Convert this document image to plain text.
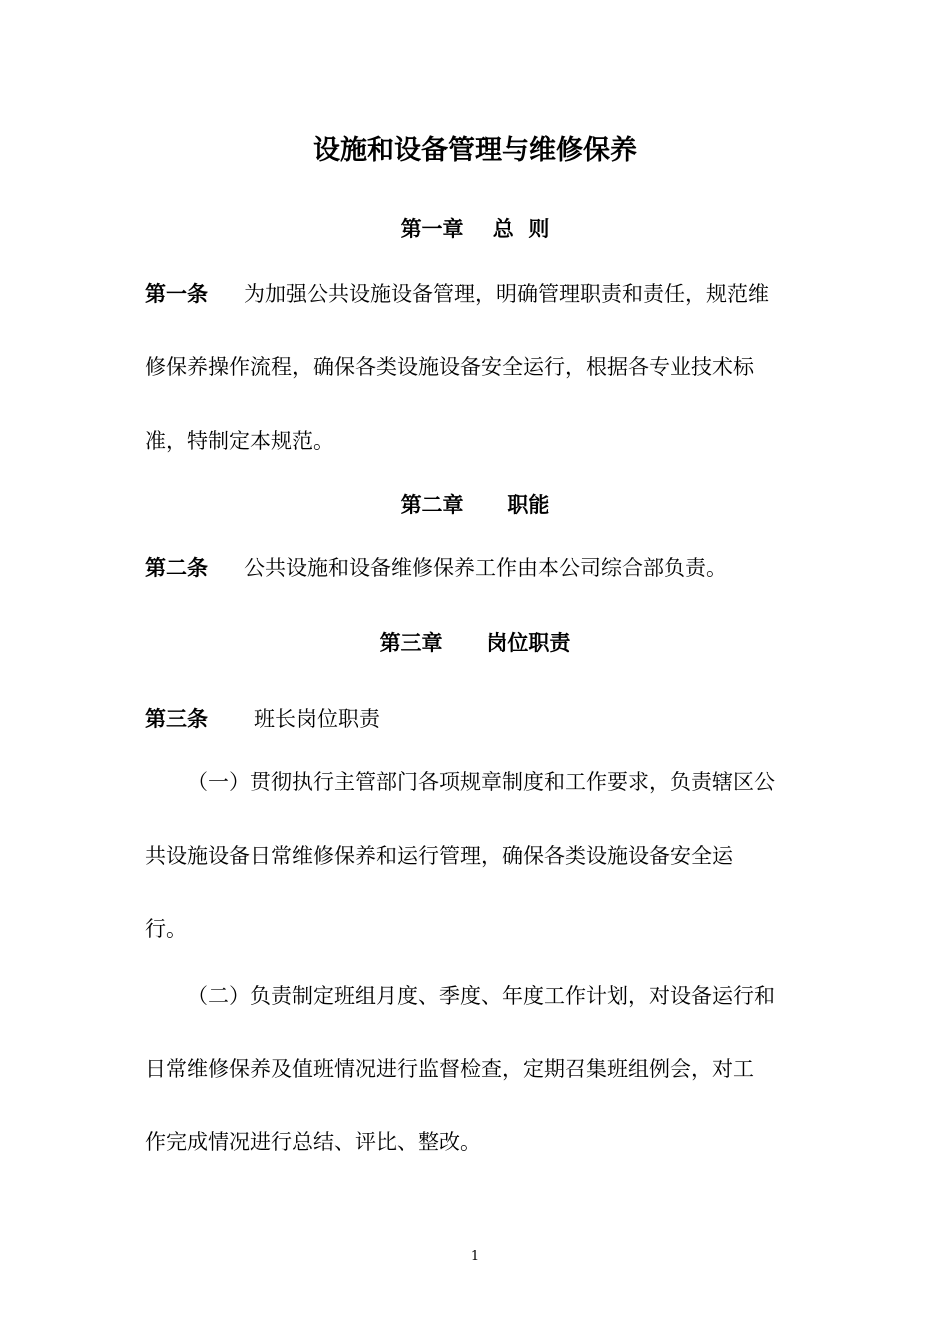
设施和设备管理与维修保养
第一章    总  则
第一条 为加强公共设施设备管理，明确管理职责和责任，规范维
修保养操作流程，确保各类设施设备安全运行，根据各专业技术标
准，特制定本规范。
第二章      职能
第二条 公共设施和设备维修保养工作由本公司综合部负责。
第三章      岗位职责
第三条 班长岗位职责
（一）贯彻执行主管部门各项规章制度和工作要求，负责辖区公
共设施设备日常维修保养和运行管理，确保各类设施设备安全运
行。
（二）负责制定班组月度、季度、年度工作计划，对设备运行和
日常维修保养及值班情况进行监督检查，定期召集班组例会，对工
作完成情况进行总结、评比、整改。
1
